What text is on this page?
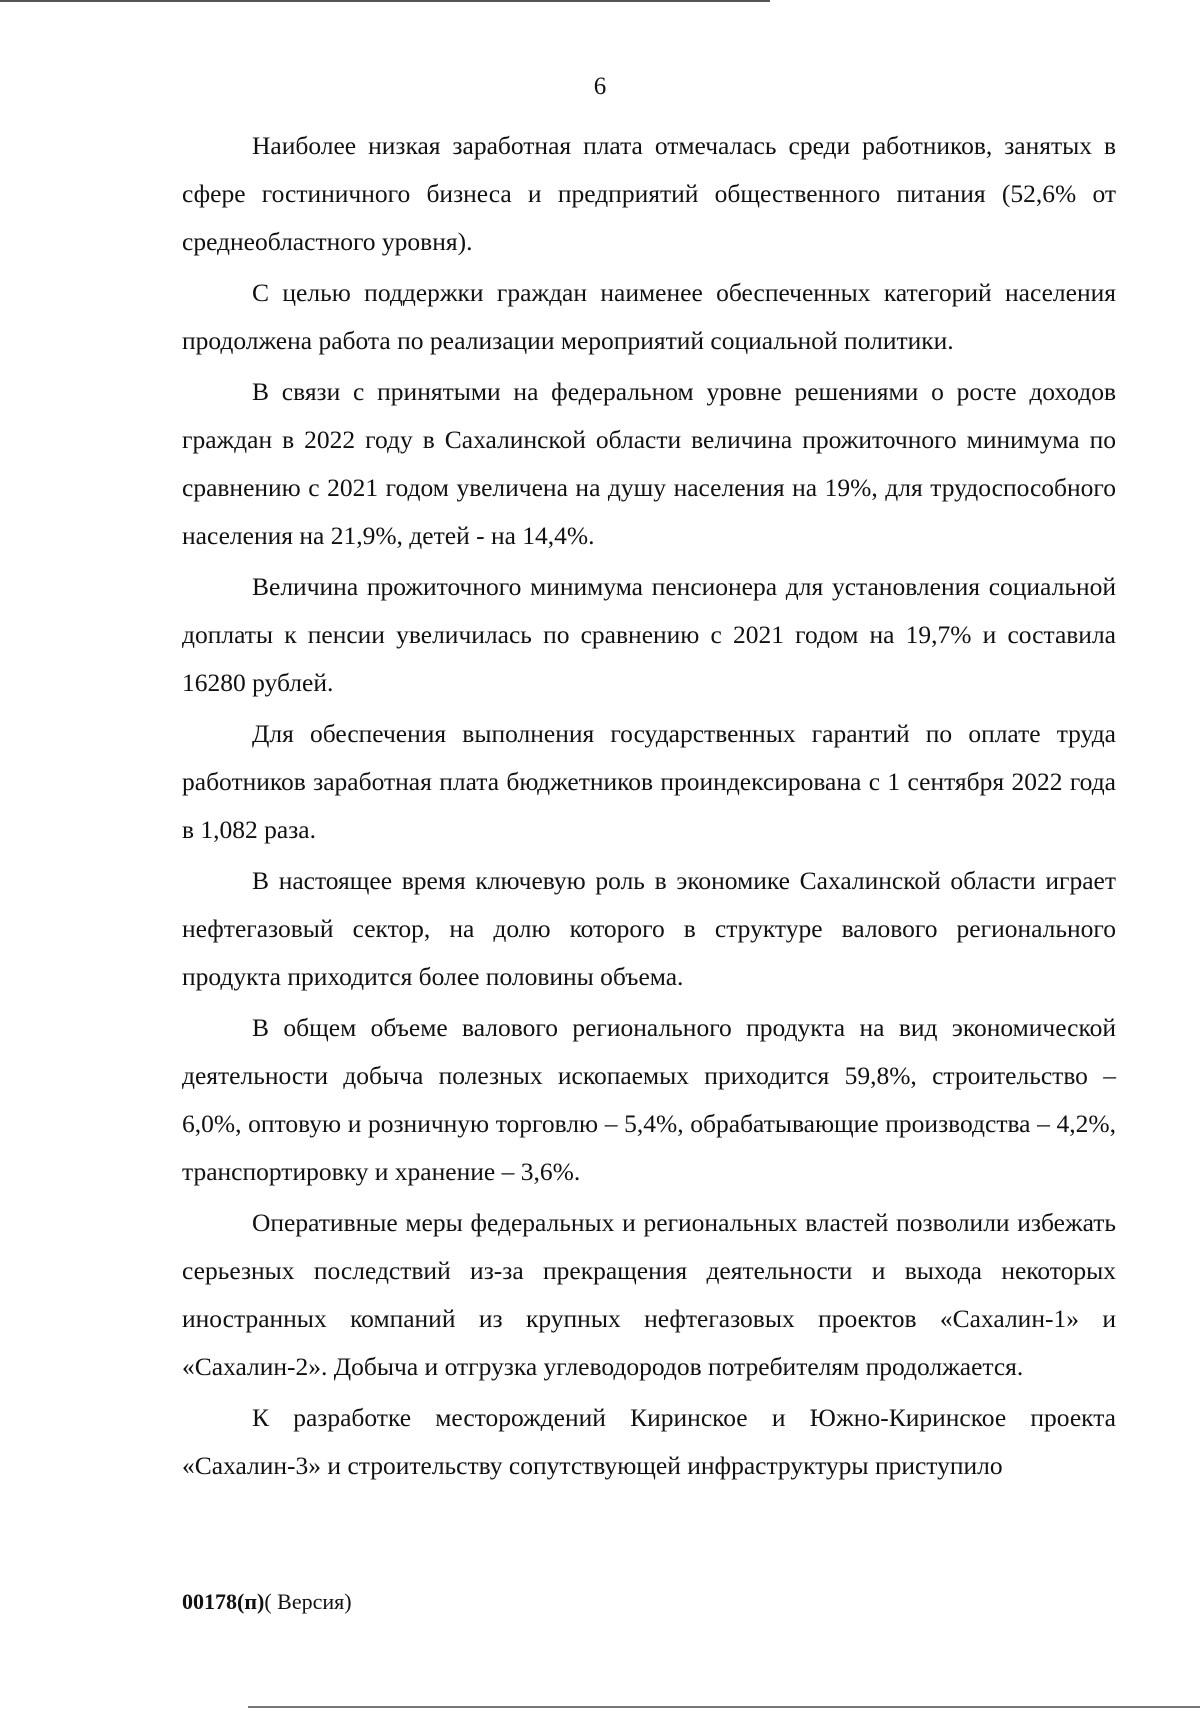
6

Наиболее низкая заработная плата отмечалась среди работников, занятых в сфере гостиничного бизнеса и предприятий общественного питания (52,6% от среднеобластного уровня).

С целью поддержки граждан наименее обеспеченных категорий населения продолжена работа по реализации мероприятий социальной политики.

В связи с принятыми на федеральном уровне решениями о росте доходов граждан в 2022 году в Сахалинской области величина прожиточного минимума по сравнению с 2021 годом увеличена на душу населения на 19%, для трудоспособного населения на 21,9%, детей - на 14,4%.

Величина прожиточного минимума пенсионера для установления социальной доплаты к пенсии увеличилась по сравнению с 2021 годом на 19,7% и составила 16280 рублей.

Для обеспечения выполнения государственных гарантий по оплате труда работников заработная плата бюджетников проиндексирована с 1 сентября 2022 года в 1,082 раза.

В настоящее время ключевую роль в экономике Сахалинской области играет нефтегазовый сектор, на долю которого в структуре валового регионального продукта приходится более половины объема.

В общем объеме валового регионального продукта на вид экономической деятельности добыча полезных ископаемых приходится 59,8%, строительство – 6,0%, оптовую и розничную торговлю – 5,4%, обрабатывающие производства – 4,2%, транспортировку и хранение – 3,6%.

Оперативные меры федеральных и региональных властей позволили избежать серьезных последствий из-за прекращения деятельности и выхода некоторых иностранных компаний из крупных нефтегазовых проектов «Сахалин-1» и «Сахалин-2». Добыча и отгрузка углеводородов потребителям продолжается.

К разработке месторождений Киринское и Южно-Киринское проекта «Сахалин-3» и строительству сопутствующей инфраструктуры приступило

00178(п)( Версия)
